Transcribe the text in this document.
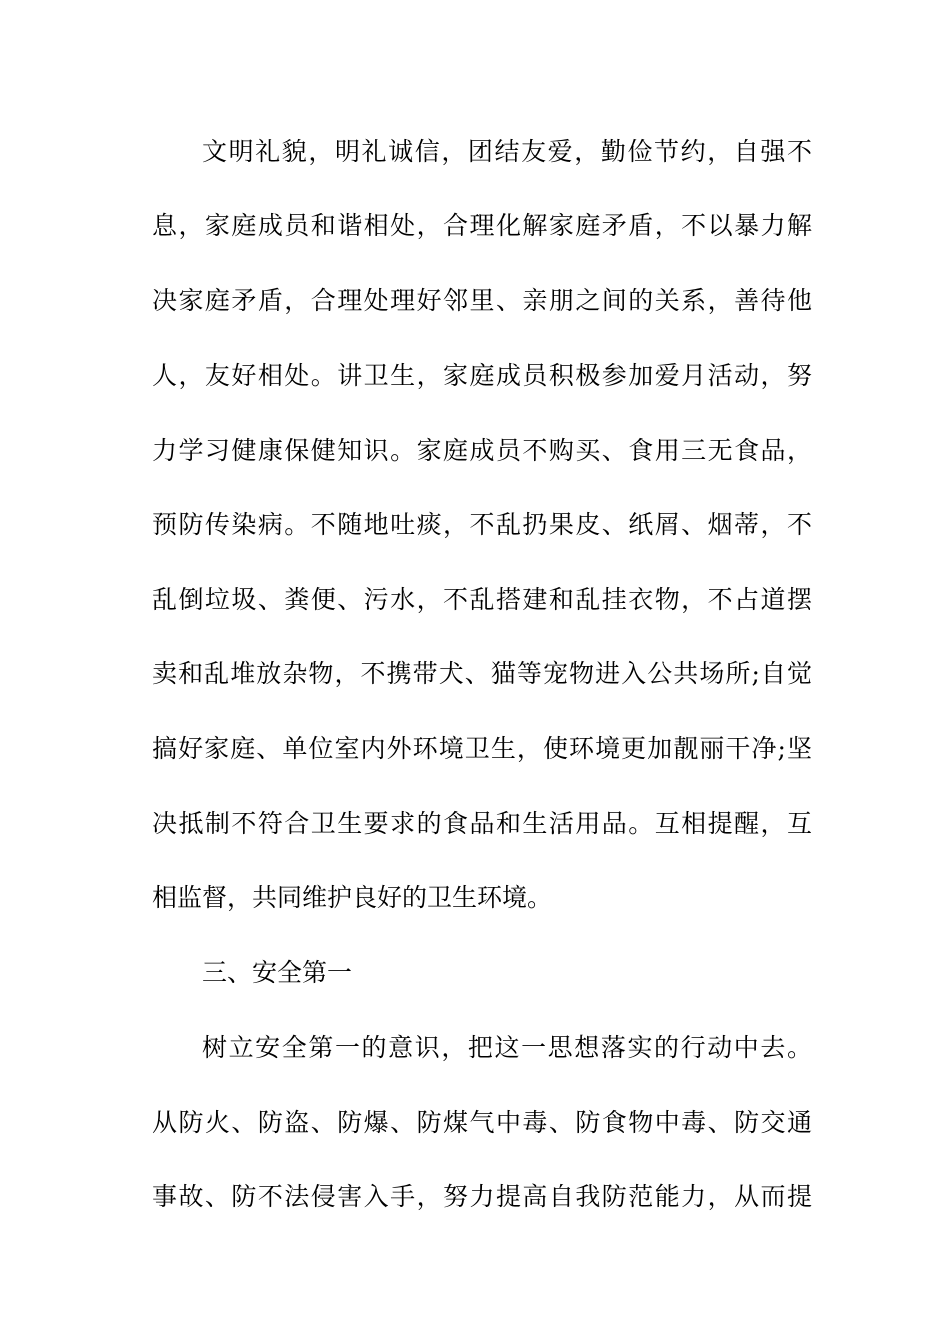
文明礼貌，明礼诚信，团结友爱，勤俭节约，自强不
息，家庭成员和谐相处，合理化解家庭矛盾，不以暴力解
决家庭矛盾，合理处理好邻里、亲朋之间的关系，善待他
人，友好相处。讲卫生，家庭成员积极参加爱月活动，努
力学习健康保健知识。家庭成员不购买、食用三无食品，
预防传染病。不随地吐痰，不乱扔果皮、纸屑、烟蒂，不
乱倒垃圾、粪便、污水，不乱搭建和乱挂衣物，不占道摆
卖和乱堆放杂物，不携带犬、猫等宠物进入公共场所;自觉
搞好家庭、单位室内外环境卫生，使环境更加靓丽干净;坚
决抵制不符合卫生要求的食品和生活用品。互相提醒，互
相监督，共同维护良好的卫生环境。
三、安全第一
树立安全第一的意识，把这一思想落实的行动中去。
从防火、防盗、防爆、防煤气中毒、防食物中毒、防交通
事故、防不法侵害入手，努力提高自我防范能力，从而提
